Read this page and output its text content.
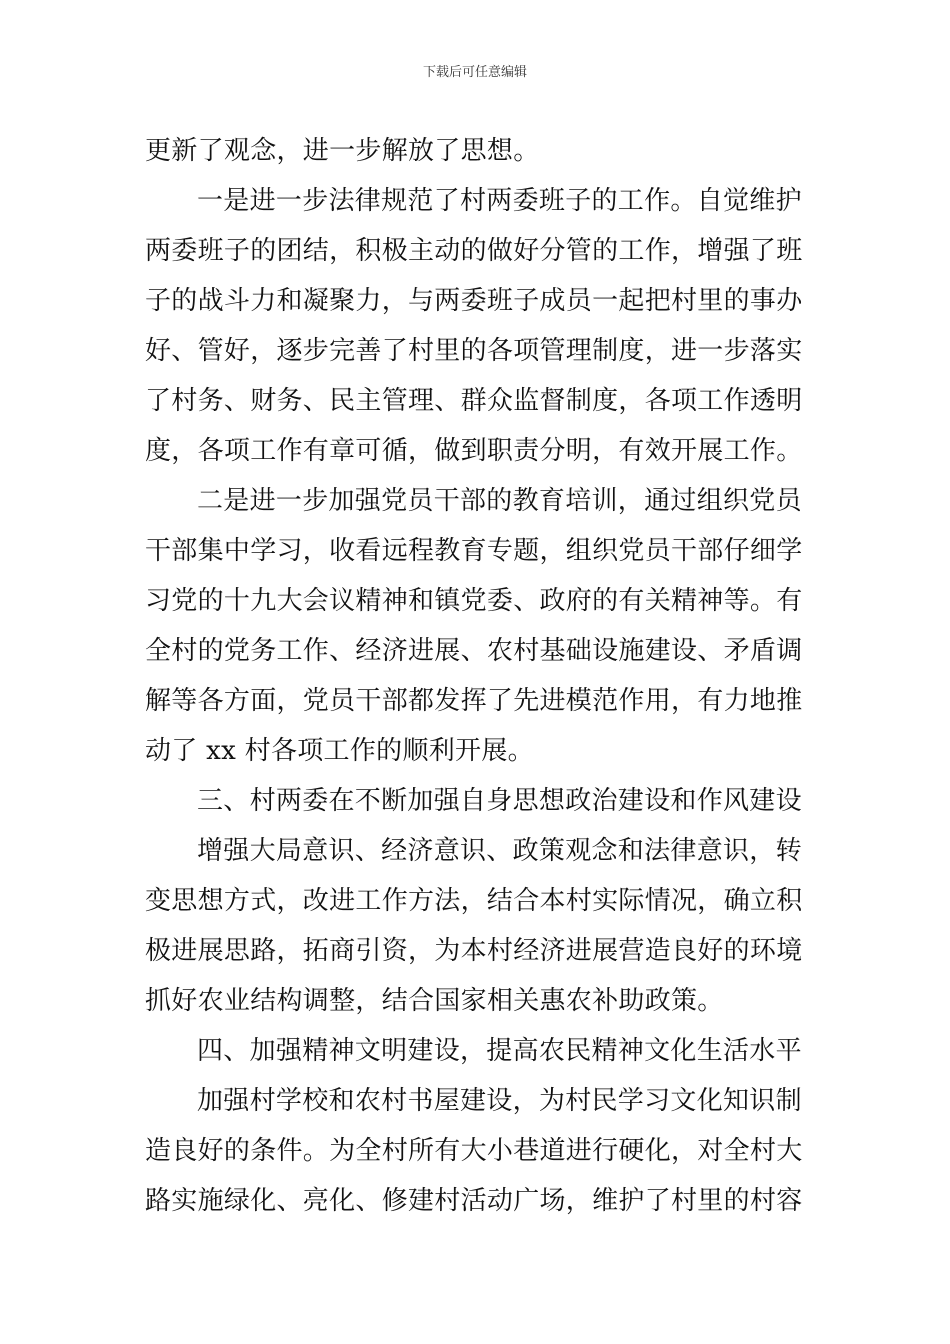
下载后可任意编辑
更新了观念，进一步解放了思想。
一是进一步法律规范了村两委班子的工作。自觉维护
两委班子的团结，积极主动的做好分管的工作，增强了班
子的战斗力和凝聚力，与两委班子成员一起把村里的事办
好、管好，逐步完善了村里的各项管理制度，进一步落实
了村务、财务、民主管理、群众监督制度，各项工作透明
度，各项工作有章可循，做到职责分明，有效开展工作。
二是进一步加强党员干部的教育培训，通过组织党员
干部集中学习，收看远程教育专题，组织党员干部仔细学
习党的十九大会议精神和镇党委、政府的有关精神等。有
全村的党务工作、经济进展、农村基础设施建设、矛盾调
解等各方面，党员干部都发挥了先进模范作用，有力地推
动了 xx 村各项工作的顺利开展。
三、村两委在不断加强自身思想政治建设和作风建设
增强大局意识、经济意识、政策观念和法律意识，转
变思想方式，改进工作方法，结合本村实际情况，确立积
极进展思路，拓商引资，为本村经济进展营造良好的环境
抓好农业结构调整，结合国家相关惠农补助政策。
四、加强精神文明建设，提高农民精神文化生活水平
加强村学校和农村书屋建设，为村民学习文化知识制
造良好的条件。为全村所有大小巷道进行硬化，对全村大
路实施绿化、亮化、修建村活动广场，维护了村里的村容
